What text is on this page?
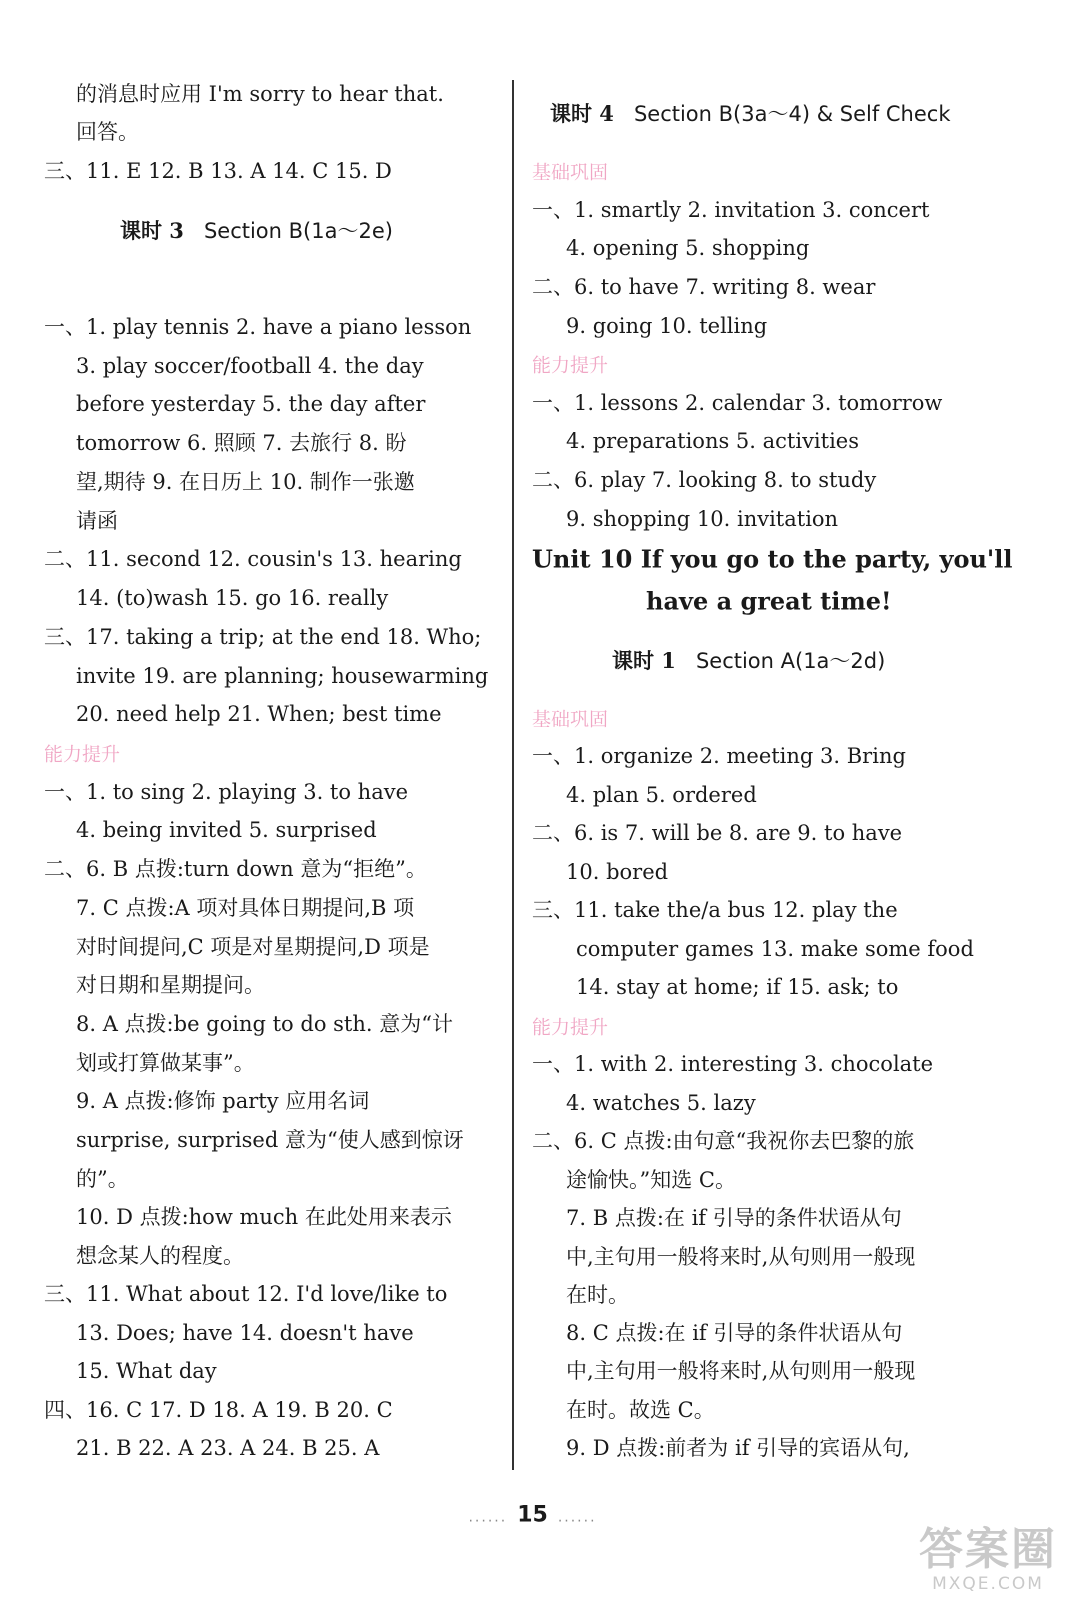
的消息时应用 I'm sorry to hear that.
回答。
三、11. E 12. B 13. A 14. C 15. D
课时 3 Section B(1a～2e)
一、1. play tennis 2. have a piano lesson
3. play soccer/football 4. the day
before yesterday 5. the day after
tomorrow 6. 照顾 7. 去旅行 8. 盼
望,期待 9. 在日历上 10. 制作一张邀
请函
二、11. second 12. cousin's 13. hearing
14. (to)wash 15. go 16. really
三、17. taking a trip; at the end 18. Who;
invite 19. are planning; housewarming
20. need help 21. When; best time
能力提升
一、1. to sing 2. playing 3. to have
4. being invited 5. surprised
二、6. B 点拨:turn down 意为“拒绝”。
7. C 点拨:A 项对具体日期提问,B 项
对时间提问,C 项是对星期提问,D 项是
对日期和星期提问。
8. A 点拨:be going to do sth. 意为“计
划或打算做某事”。
9. A 点拨:修饰 party 应用名词
surprise, surprised 意为“使人感到惊讶
的”。
10. D 点拨:how much 在此处用来表示
想念某人的程度。
三、11. What about 12. I'd love/like to
13. Does; have 14. doesn't have
15. What day
四、16. C 17. D 18. A 19. B 20. C
21. B 22. A 23. A 24. B 25. A
课时 4 Section B(3a～4) & Self Check
基础巩固
一、1. smartly 2. invitation 3. concert
4. opening 5. shopping
二、6. to have 7. writing 8. wear
9. going 10. telling
能力提升
一、1. lessons 2. calendar 3. tomorrow
4. preparations 5. activities
二、6. play 7. looking 8. to study
9. shopping 10. invitation
Unit 10 If you go to the party, you'll
have a great time!
课时 1 Section A(1a～2d)
基础巩固
一、1. organize 2. meeting 3. Bring
4. plan 5. ordered
二、6. is 7. will be 8. are 9. to have
10. bored
三、11. take the/a bus 12. play the
computer games 13. make some food
14. stay at home; if 15. ask; to
能力提升
一、1. with 2. interesting 3. chocolate
4. watches 5. lazy
二、6. C 点拨:由句意“我祝你去巴黎的旅
途愉快。”知选 C。
7. B 点拨:在 if 引导的条件状语从句
中,主句用一般将来时,从句则用一般现
在时。
8. C 点拨:在 if 引导的条件状语从句
中,主句用一般将来时,从句则用一般现
在时。故选 C。
9. D 点拨:前者为 if 引导的宾语从句,
...... 15 ......
答案圈
MXQE.COM
